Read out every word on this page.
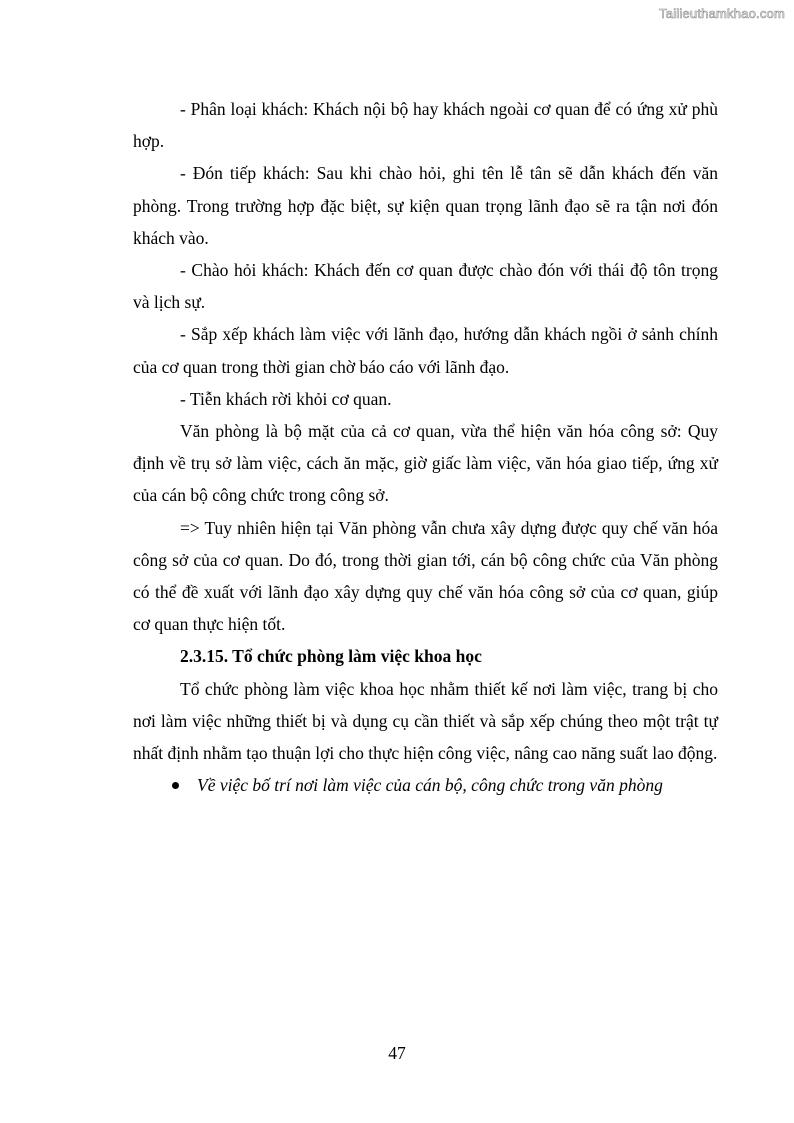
Tailieuthamkhao.com

- Phân loại khách: Khách nội bộ hay khách ngoài cơ quan để có ứng xử phù hợp.

- Đón tiếp khách: Sau khi chào hỏi, ghi tên lễ tân sẽ dẫn khách đến văn phòng. Trong trường hợp đặc biệt, sự kiện quan trọng lãnh đạo sẽ ra tận nơi đón khách vào.

- Chào hỏi khách: Khách đến cơ quan được chào đón với thái độ tôn trọng và lịch sự.

- Sắp xếp khách làm việc với lãnh đạo, hướng dẫn khách ngồi ở sảnh chính của cơ quan trong thời gian chờ báo cáo với lãnh đạo.

- Tiễn khách rời khỏi cơ quan.

Văn phòng là bộ mặt của cả cơ quan, vừa thể hiện văn hóa công sở: Quy định về trụ sở làm việc, cách ăn mặc, giờ giấc làm việc, văn hóa giao tiếp, ứng xử của cán bộ công chức trong công sở.

=> Tuy nhiên hiện tại Văn phòng vẫn chưa xây dựng được quy chế văn hóa công sở của cơ quan. Do đó, trong thời gian tới, cán bộ công chức của Văn phòng có thể đề xuất với lãnh đạo xây dựng quy chế văn hóa công sở của cơ quan, giúp cơ quan thực hiện tốt.

2.3.15. Tổ chức phòng làm việc khoa học

Tổ chức phòng làm việc khoa học nhằm thiết kế nơi làm việc, trang bị cho nơi làm việc những thiết bị và dụng cụ cần thiết và sắp xếp chúng theo một trật tự nhất định nhằm tạo thuận lợi cho thực hiện công việc, nâng cao năng suất lao động.

Về việc bố trí nơi làm việc của cán bộ, công chức trong văn phòng

47
